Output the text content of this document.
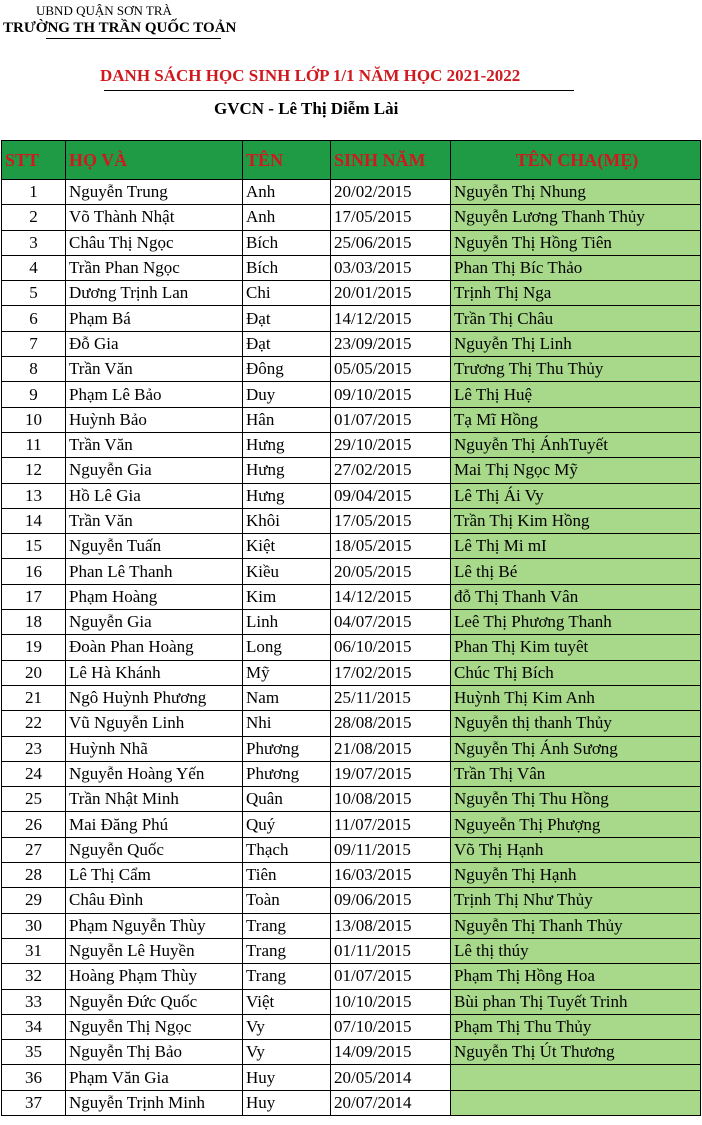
UBND QUẬN SƠN TRÀ
TRƯỜNG TH TRẦN QUỐC TOẢN
DANH SÁCH HỌC SINH LỚP 1/1 NĂM HỌC 2021-2022
GVCN - Lê Thị Diễm Lài
STT	HỌ VÀ	TÊN	SINH NĂM	TÊN CHA(MẸ)
1	Nguyễn Trung	Anh	20/02/2015	Nguyễn Thị Nhung
2	Võ Thành Nhật	Anh	17/05/2015	Nguyễn Lương Thanh Thủy
3	Châu Thị Ngọc	Bích	25/06/2015	Nguyễn Thị Hồng Tiên
4	Trần Phan Ngọc	Bích	03/03/2015	Phan Thị Bíc Thảo
5	Dương Trịnh Lan	Chi	20/01/2015	Trịnh Thị Nga
6	Phạm Bá	Đạt	14/12/2015	Trần Thị Châu
7	Đỗ Gia	Đạt	23/09/2015	Nguyễn Thị Linh
8	Trần Văn	Đông	05/05/2015	Trương Thị Thu Thủy
9	Phạm Lê Bảo	Duy	09/10/2015	Lê Thị Huệ
10	Huỳnh Bảo	Hân	01/07/2015	Tạ Mĩ Hồng
11	Trần Văn	Hưng	29/10/2015	Nguyễn Thị ÁnhTuyết
12	Nguyễn Gia	Hưng	27/02/2015	Mai Thị Ngọc Mỹ
13	Hồ Lê Gia	Hưng	09/04/2015	Lê Thị Ái Vy
14	Trần Văn	Khôi	17/05/2015	Trần Thị Kim Hồng
15	Nguyễn Tuấn	Kiệt	18/05/2015	Lê Thị Mi mI
16	Phan Lê Thanh	Kiều	20/05/2015	Lê thị Bé
17	Phạm Hoàng	Kim	14/12/2015	đỗ Thị Thanh Vân
18	Nguyễn Gia	Linh	04/07/2015	Leê Thị Phương Thanh
19	Đoàn Phan Hoàng	Long	06/10/2015	Phan Thị Kim tuyêt
20	Lê Hà Khánh	Mỹ	17/02/2015	Chúc Thị Bích
21	Ngô Huỳnh Phương	Nam	25/11/2015	Huỳnh Thị Kim Anh
22	Vũ Nguyễn Linh	Nhi	28/08/2015	Nguyễn thị thanh Thủy
23	Huỳnh Nhã	Phương	21/08/2015	Nguyễn Thị Ánh Sương
24	Nguyễn Hoàng Yến	Phương	19/07/2015	Trần Thị Vân
25	Trần Nhật Minh	Quân	10/08/2015	Nguyễn Thị Thu Hồng
26	Mai Đăng Phú	Quý	11/07/2015	Nguyeễn Thị Phượng
27	Nguyễn Quốc	Thạch	09/11/2015	Võ Thị Hạnh
28	Lê Thị Cẩm	Tiên	16/03/2015	Nguyễn Thị Hạnh
29	Châu Đình	Toàn	09/06/2015	Trịnh Thị Như Thủy
30	Phạm Nguyễn Thùy	Trang	13/08/2015	Nguyễn Thị Thanh Thủy
31	Nguyễn Lê Huyền	Trang	01/11/2015	Lê thị thúy
32	Hoàng Phạm Thùy	Trang	01/07/2015	Phạm Thị Hồng Hoa
33	Nguyễn Đức Quốc	Việt	10/10/2015	Bùi phan Thị Tuyết Trinh
34	Nguyễn Thị Ngọc	Vy	07/10/2015	Phạm Thị Thu Thủy
35	Nguyễn Thị Bảo	Vy	14/09/2015	Nguyễn Thị Út Thương
36	Phạm Văn Gia	Huy	20/05/2014	
37	Nguyễn Trịnh Minh	Huy	20/07/2014	
